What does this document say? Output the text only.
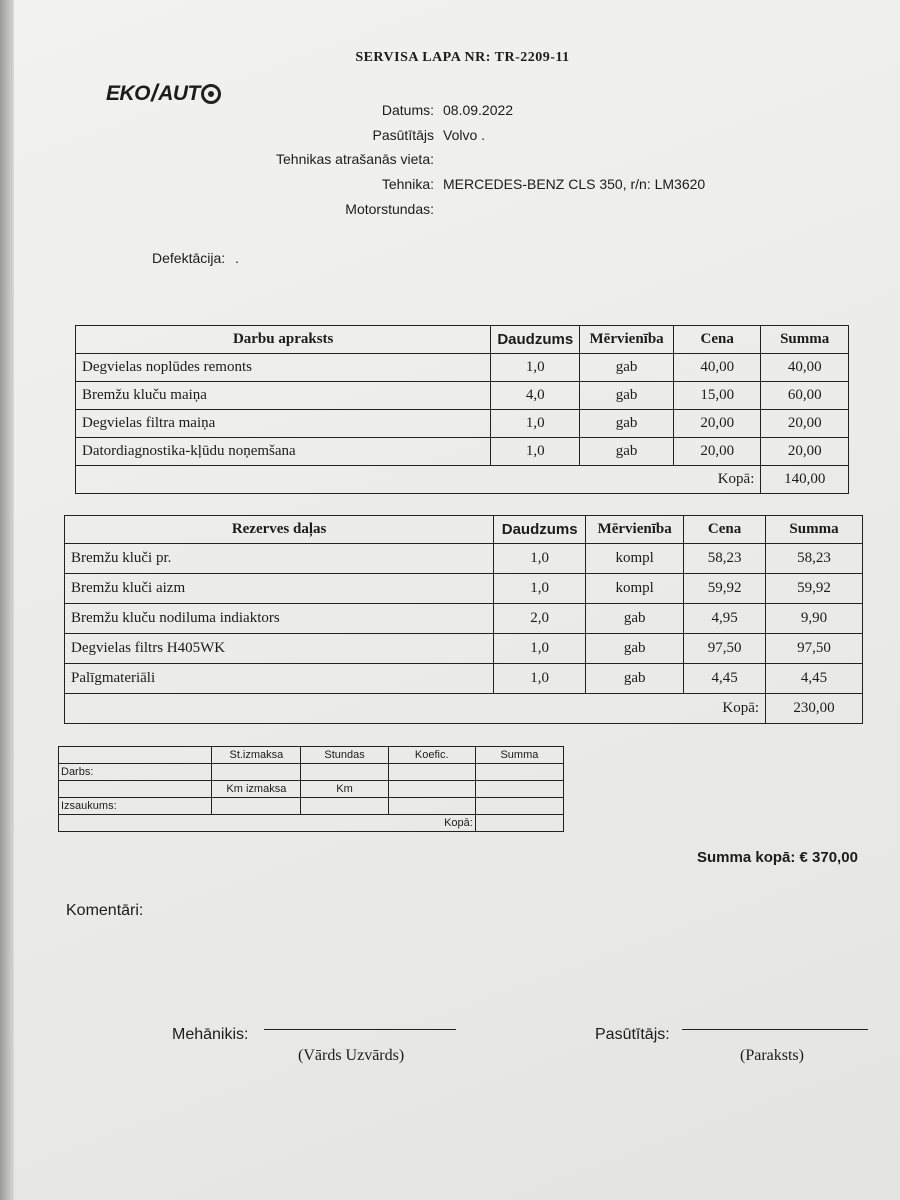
SERVISA LAPA NR: TR-2209-11
EKO / AU T
Datums: 08.09.2022
Pasūtītājs Volvo .
Tehnikas atrašanās vieta:
Tehnika: MERCEDES-BENZ CLS 350, r/n: LM3620
Motorstundas:
Defektācija: .
Darbu apraksts	Daudzums	Mērvienība	Cena	Summa
Degvielas noplūdes remonts	1,0	gab	40,00	40,00
Bremžu kluču maiņa	4,0	gab	15,00	60,00
Degvielas filtra maiņa	1,0	gab	20,00	20,00
Datordiagnostika-kļūdu noņemšana	1,0	gab	20,00	20,00
Kopā:				140,00
Rezerves daļas	Daudzums	Mērvienība	Cena	Summa
Bremžu kluči pr.	1,0	kompl	58,23	58,23
Bremžu kluči aizm	1,0	kompl	59,92	59,92
Bremžu kluču nodiluma indiaktors	2,0	gab	4,95	9,90
Degvielas filtrs H405WK	1,0	gab	97,50	97,50
Palīgmateriāli	1,0	gab	4,45	4,45
Kopā:				230,00
	St.izmaksa	Stundas	Koefic.	Summa
Darbs:				
	Km izmaksa	Km		
Izsaukums:				
Kopā:				
Summa kopā: € 370,00
Komentāri:
Mehānikis:
(Vārds Uzvārds)
Pasūtītājs:
(Paraksts)
